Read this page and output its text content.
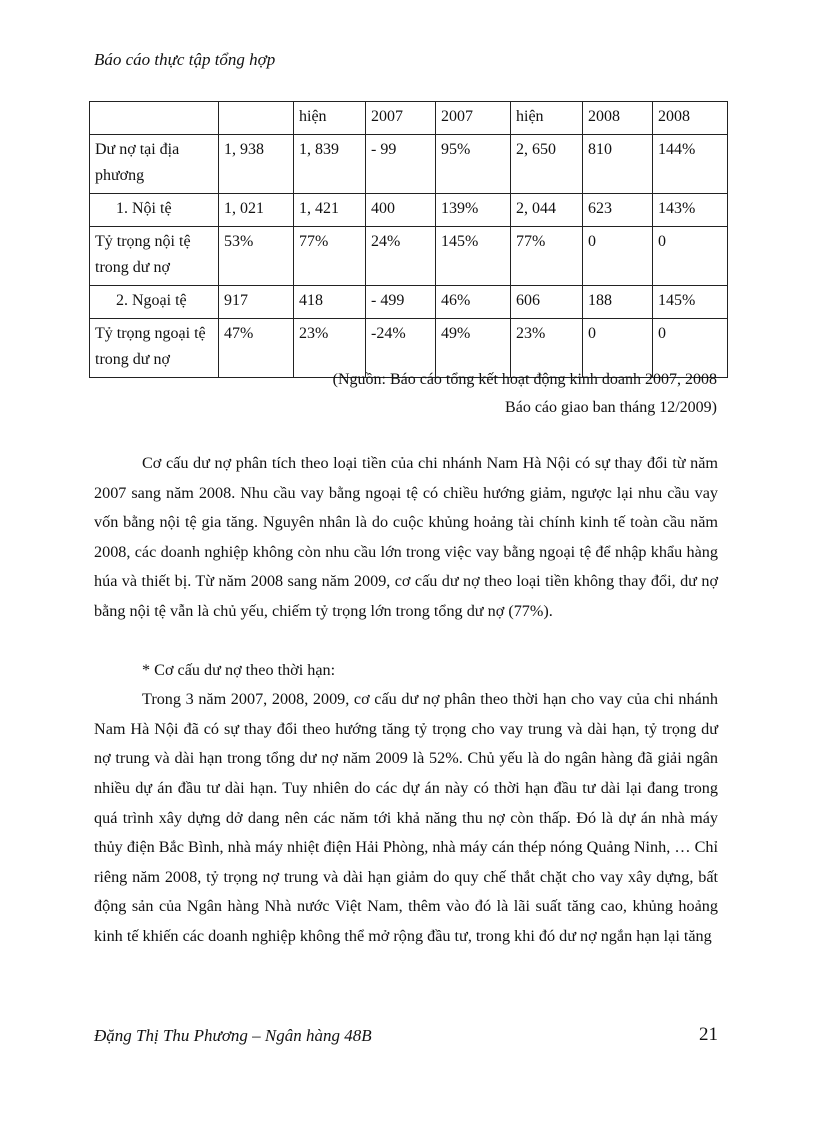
Báo cáo thực tập tổng hợp
		hiện	2007	2007	hiện	2008	2008
Dư nợ tại địa phương	1, 938	1, 839	- 99	95%	2, 650	810	144%
1. Nội tệ	1, 021	1, 421	400	139%	2, 044	623	143%
Tỷ trọng nội tệ trong dư nợ	53%	77%	24%	145%	77%	0	0
2. Ngoại tệ	917	418	- 499	46%	606	188	145%
Tỷ trọng ngoại tệ trong dư nợ	47%	23%	-24%	49%	23%	0	0
(Nguồn: Báo cáo tổng kết hoạt động kinh doanh 2007, 2008
Báo cáo giao ban tháng 12/2009)

Cơ cấu dư nợ phân tích theo loại tiền của chi nhánh Nam Hà Nội có sự thay đổi từ năm 2007 sang năm 2008. Nhu cầu vay bằng ngoại tệ có chiều hướng giảm, ngược lại nhu cầu vay vốn bằng nội tệ gia tăng. Nguyên nhân là do cuộc khủng hoảng tài chính kinh tế toàn cầu năm 2008, các doanh nghiệp không còn nhu cầu lớn trong việc vay bằng ngoại tệ để nhập khẩu hàng húa và thiết bị. Từ năm 2008 sang năm 2009, cơ cấu dư nợ theo loại tiền không thay đổi, dư nợ bằng nội tệ vẫn là chủ yếu, chiếm tỷ trọng lớn trong tổng dư nợ (77%).

* Cơ cấu dư nợ theo thời hạn:

Trong 3 năm 2007, 2008, 2009, cơ cấu dư nợ phân theo thời hạn cho vay của chi nhánh Nam Hà Nội đã có sự thay đổi theo hướng tăng tỷ trọng cho vay trung và dài hạn, tỷ trọng dư nợ trung và dài hạn trong tổng dư nợ năm 2009 là 52%. Chủ yếu là do ngân hàng đã giải ngân nhiều dự án đầu tư dài hạn. Tuy nhiên do các dự án này có thời hạn đầu tư dài lại đang trong quá trình xây dựng dở dang nên các năm tới khả năng thu nợ còn thấp. Đó là dự án nhà máy thủy điện Bắc Bình, nhà máy nhiệt điện Hải Phòng, nhà máy cán thép nóng Quảng Ninh, … Chỉ riêng năm 2008, tỷ trọng nợ trung và dài hạn giảm do quy chế thắt chặt cho vay xây dựng, bất động sản của Ngân hàng Nhà nước Việt Nam, thêm vào đó là lãi suất tăng cao, khủng hoảng kinh tế khiến các doanh nghiệp không thể mở rộng đầu tư, trong khi đó dư nợ ngắn hạn lại tăng

Đặng Thị Thu Phương – Ngân hàng 48B	21
